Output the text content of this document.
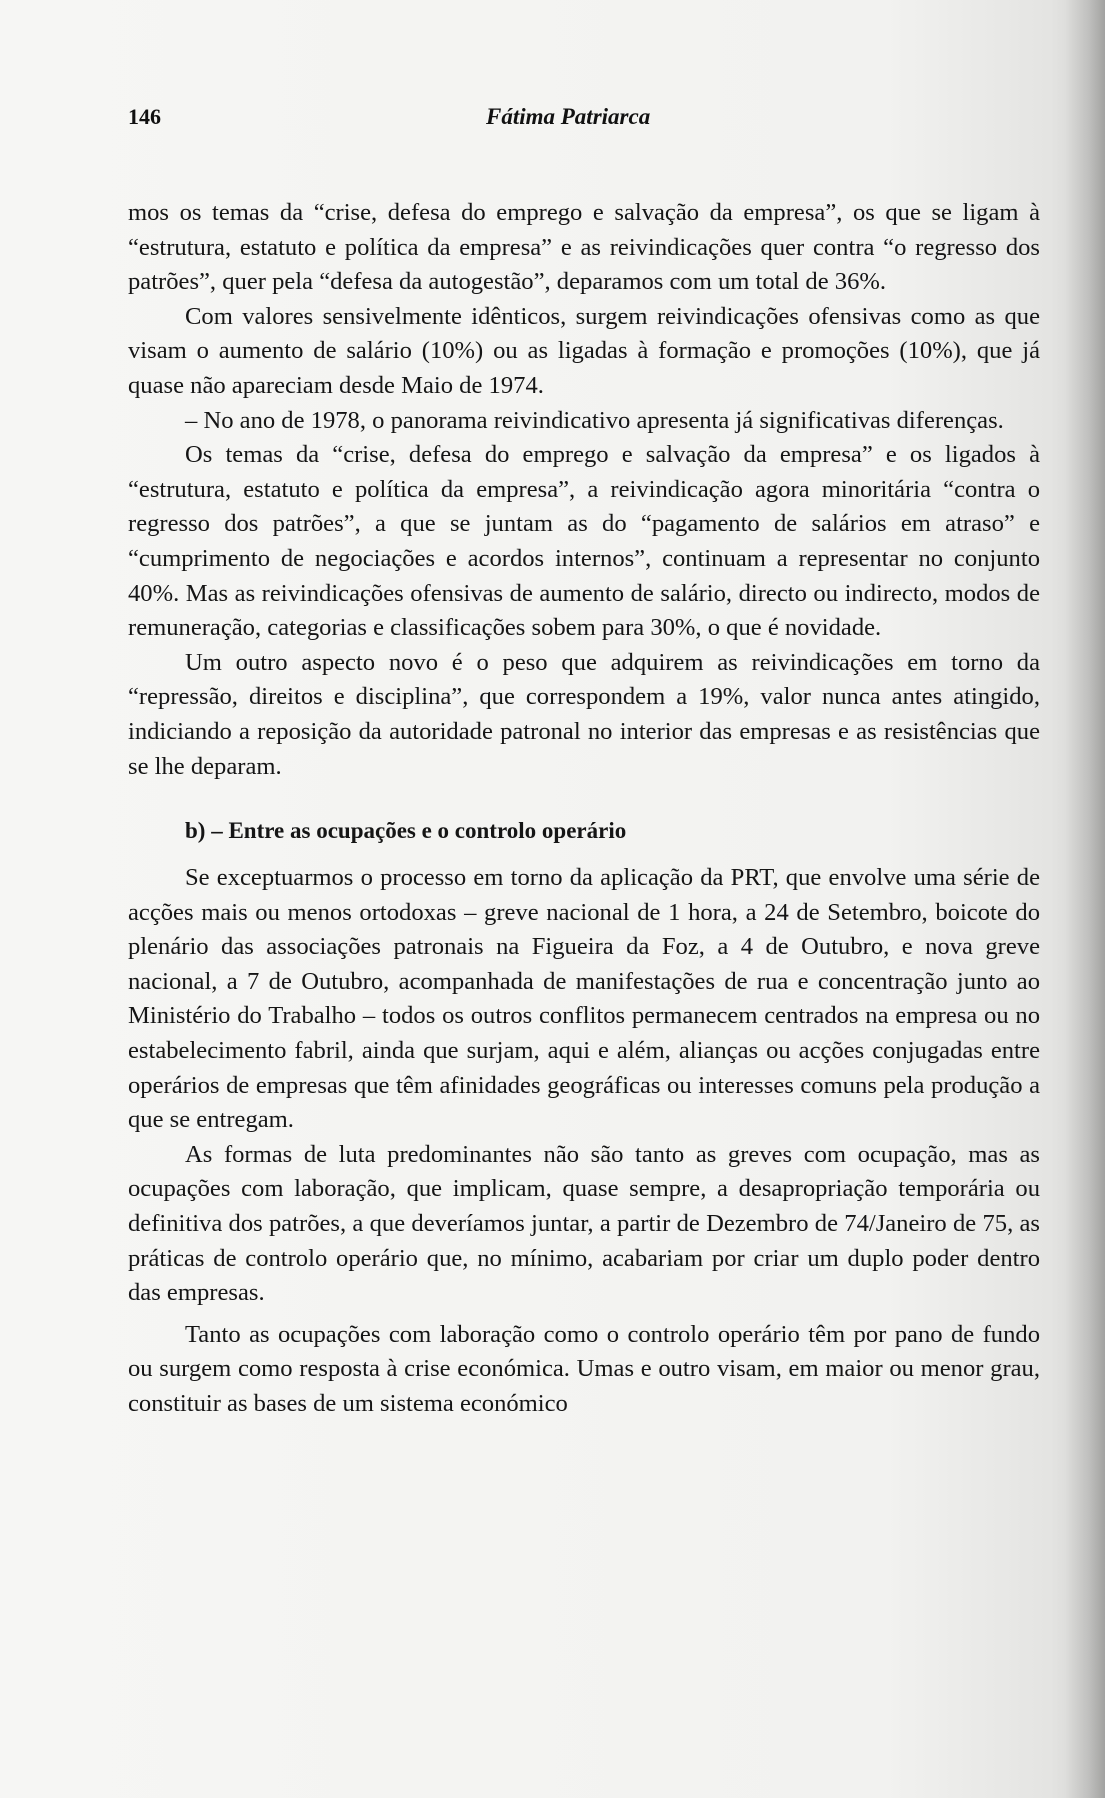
146	Fátima Patriarca

mos os temas da “crise, defesa do emprego e salvação da empresa”, os que se ligam à “estrutura, estatuto e política da empresa” e as reivindicações quer contra “o regresso dos patrões”, quer pela “defesa da autogestão”, deparamos com um total de 36%.

Com valores sensivelmente idênticos, surgem reivindicações ofensivas como as que visam o aumento de salário (10%) ou as ligadas à formação e promoções (10%), que já quase não apareciam desde Maio de 1974.

– No ano de 1978, o panorama reivindicativo apresenta já significativas diferenças.

Os temas da “crise, defesa do emprego e salvação da empresa” e os ligados à “estrutura, estatuto e política da empresa”, a reivindicação agora minoritária “contra o regresso dos patrões”, a que se juntam as do “pagamento de salários em atraso” e “cumprimento de negociações e acordos internos”, continuam a representar no conjunto 40%. Mas as reivindicações ofensivas de aumento de salário, directo ou indirecto, modos de remuneração, categorias e classificações sobem para 30%, o que é novidade.

Um outro aspecto novo é o peso que adquirem as reivindicações em torno da “repressão, direitos e disciplina”, que correspondem a 19%, valor nunca antes atingido, indiciando a reposição da autoridade patronal no interior das empresas e as resistências que se lhe deparam.

b) – Entre as ocupações e o controlo operário

Se exceptuarmos o processo em torno da aplicação da PRT, que envolve uma série de acções mais ou menos ortodoxas – greve nacional de 1 hora, a 24 de Setembro, boicote do plenário das associações patronais na Figueira da Foz, a 4 de Outubro, e nova greve nacional, a 7 de Outubro, acompanhada de manifestações de rua e concentração junto ao Ministério do Trabalho – todos os outros conflitos permanecem centrados na empresa ou no estabelecimento fabril, ainda que surjam, aqui e além, alianças ou acções conjugadas entre operários de empresas que têm afinidades geográficas ou interesses comuns pela produção a que se entregam.

As formas de luta predominantes não são tanto as greves com ocupação, mas as ocupações com laboração, que implicam, quase sempre, a desapropriação temporária ou definitiva dos patrões, a que deveríamos juntar, a partir de Dezembro de 74/Janeiro de 75, as práticas de controlo operário que, no mínimo, acabariam por criar um duplo poder dentro das empresas.

Tanto as ocupações com laboração como o controlo operário têm por pano de fundo ou surgem como resposta à crise económica. Umas e outro visam, em maior ou menor grau, constituir as bases de um sistema económico
